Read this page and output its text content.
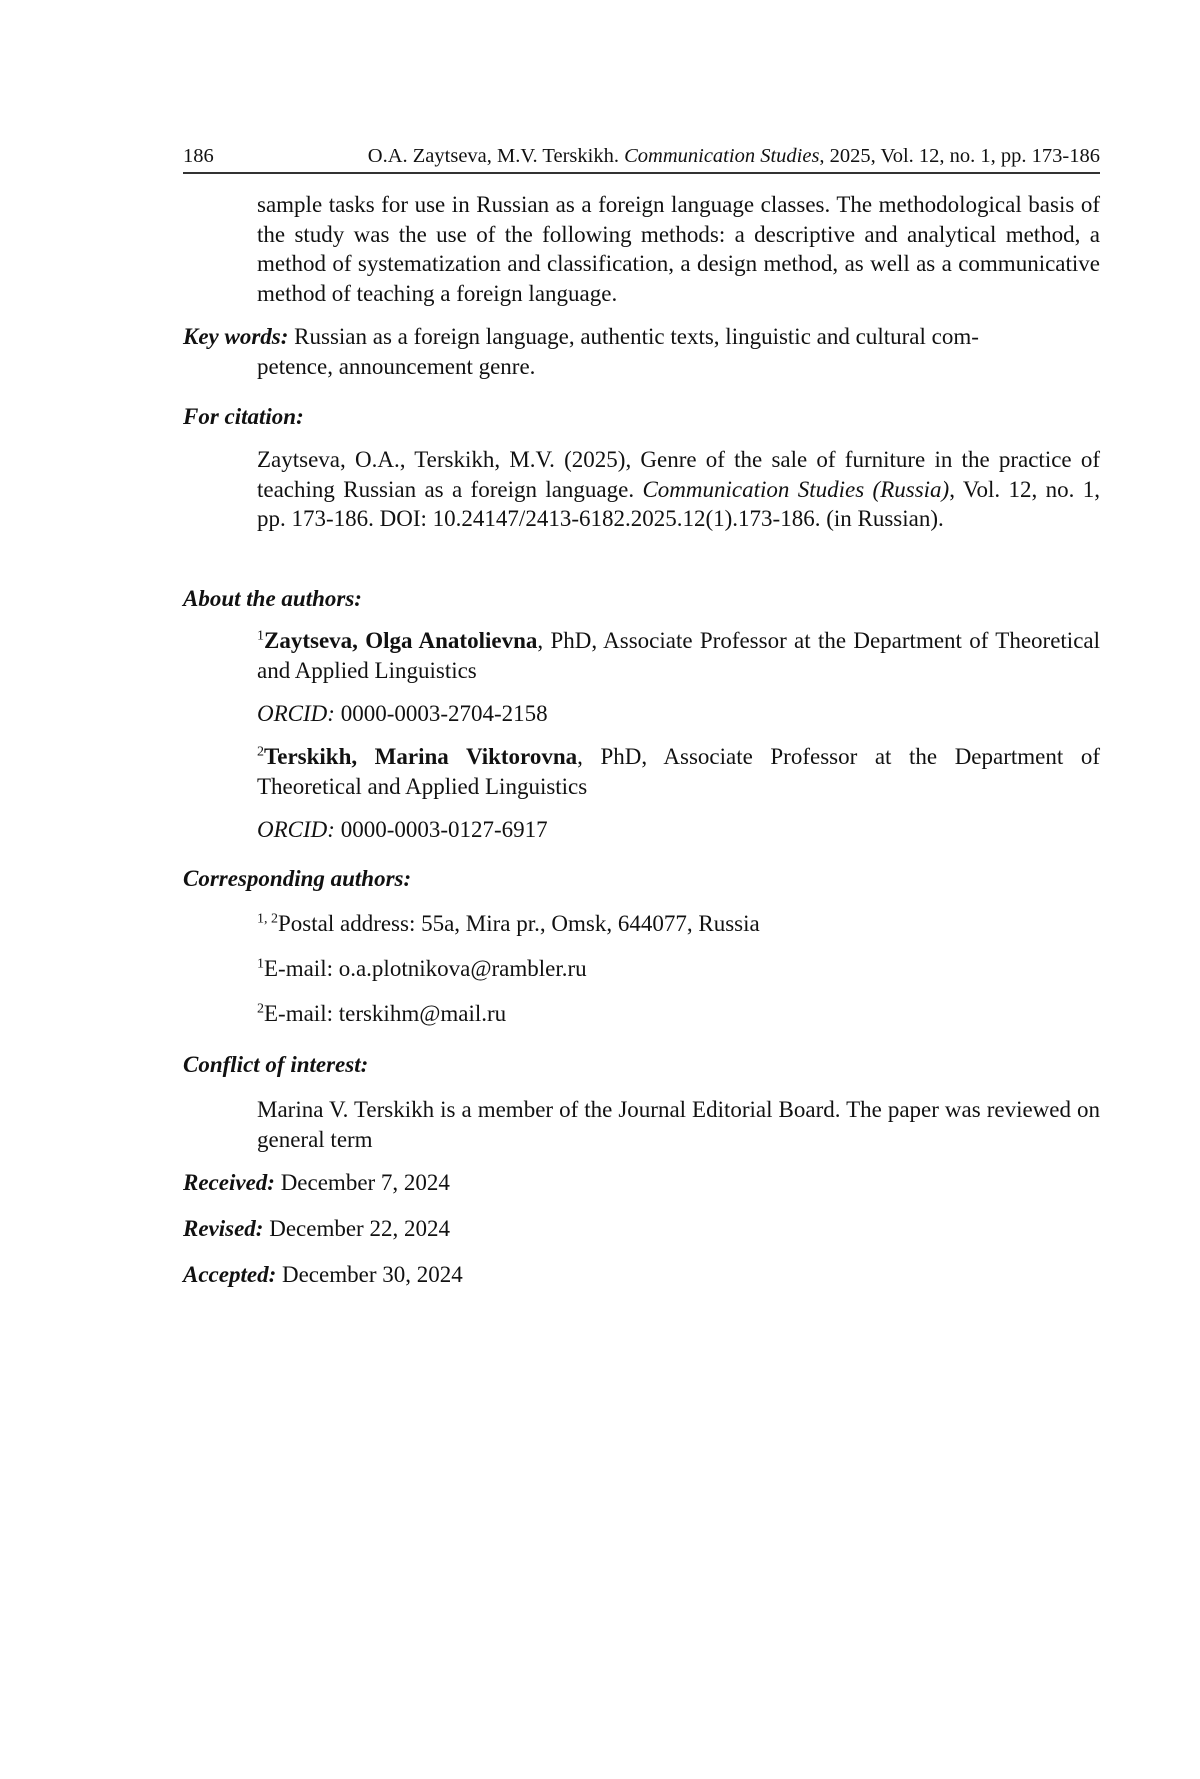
186	O.A. Zaytseva, M.V. Terskikh. Communication Studies, 2025, Vol. 12, no. 1, pp. 173-186
sample tasks for use in Russian as a foreign language classes. The methodological basis of the study was the use of the following methods: a descriptive and analytical method, a method of systematization and classification, a design method, as well as a communicative method of teaching a foreign language.
Key words: Russian as a foreign language, authentic texts, linguistic and cultural com-
petence, announcement genre.
For citation:
Zaytseva, O.A., Terskikh, M.V. (2025), Genre of the sale of furniture in the practice of teaching Russian as a foreign language. Communication Studies (Russia), Vol. 12, no. 1, pp. 173-186. DOI: 10.24147/2413-6182.2025.12(1).173-186. (in Russian).
About the authors:
$^1$Zaytseva, Olga Anatolievna, PhD, Associate Professor at the Department of Theoretical and Applied Linguistics
ORCID: 0000-0003-2704-2158
$^2$Terskikh, Marina Viktorovna, PhD, Associate Professor at the Department of Theoretical and Applied Linguistics
ORCID: 0000-0003-0127-6917
Corresponding authors:
$^{1, 2}$Postal address: 55a, Mira pr., Omsk, 644077, Russia
$^1$E-mail: o.a.plotnikova@rambler.ru
$^2$E-mail: terskihm@mail.ru
Conflict of interest:
Marina V. Terskikh is a member of the Journal Editorial Board. The paper was reviewed on general term
Received: December 7, 2024
Revised: December 22, 2024
Accepted: December 30, 2024
